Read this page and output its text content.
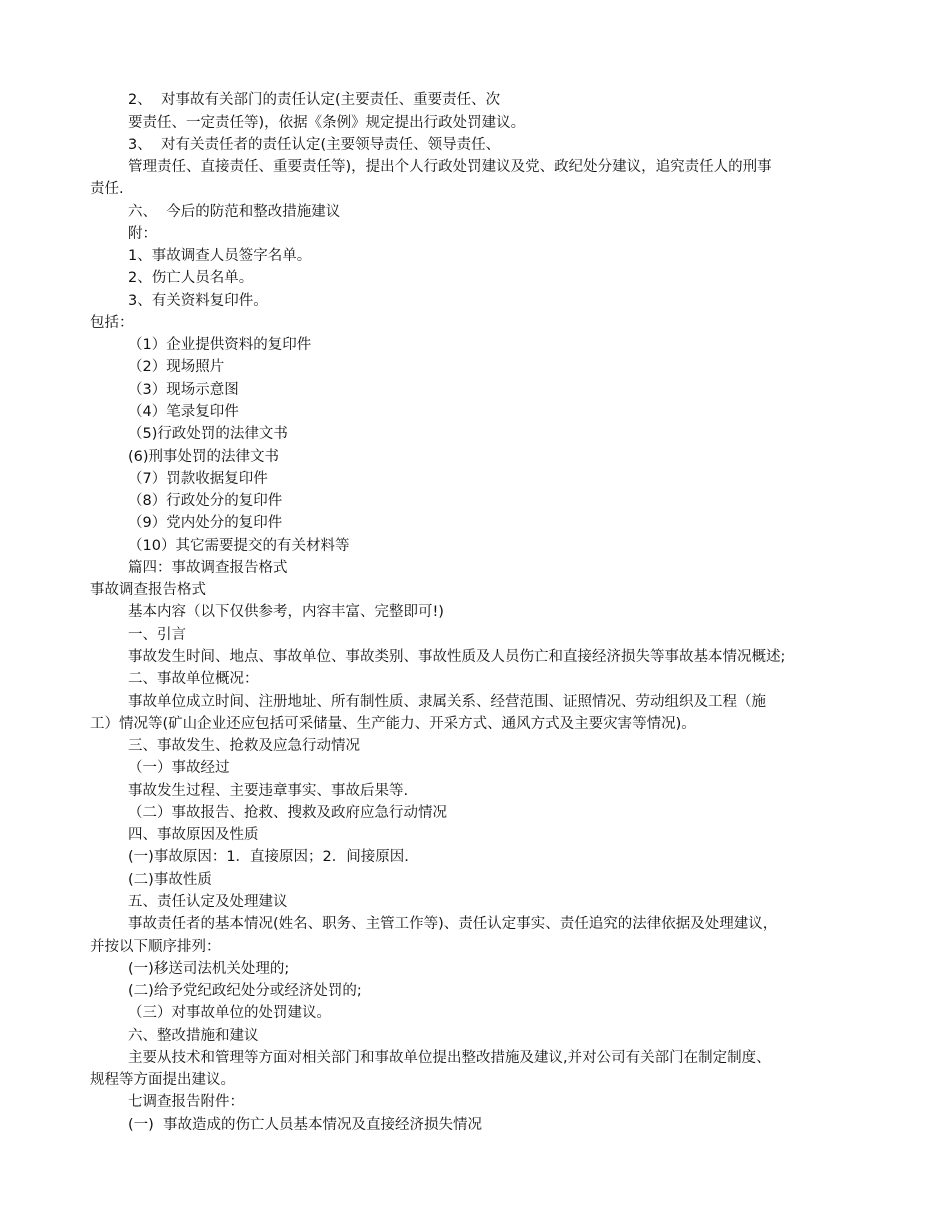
2、  对事故有关部门的责任认定(主要责任、重要责任、次
要责任、一定责任等)，依据《条例》规定提出行政处罚建议。
3、  对有关责任者的责任认定(主要领导责任、领导责任、
管理责任、直接责任、重要责任等)，提出个人行政处罚建议及党、政纪处分建议，追究责任人的刑事
责任.
六、  今后的防范和整改措施建议
附：
1、事故调查人员签字名单。
2、伤亡人员名单。
3、有关资料复印件。
包括：
（1）企业提供资料的复印件
（2）现场照片
（3）现场示意图
（4）笔录复印件
（5)行政处罚的法律文书
(6)刑事处罚的法律文书
（7）罚款收据复印件
（8）行政处分的复印件
（9）党内处分的复印件
（10）其它需要提交的有关材料等
篇四：事故调查报告格式
事故调查报告格式
基本内容（以下仅供参考，内容丰富、完整即可!)
一、引言
事故发生时间、地点、事故单位、事故类别、事故性质及人员伤亡和直接经济损失等事故基本情况概述;
二、事故单位概况：
事故单位成立时间、注册地址、所有制性质、隶属关系、经营范围、证照情况、劳动组织及工程（施
工）情况等(矿山企业还应包括可采储量、生产能力、开采方式、通风方式及主要灾害等情况)。
三、事故发生、抢救及应急行动情况
（一）事故经过
事故发生过程、主要违章事实、事故后果等.
（二）事故报告、抢救、搜救及政府应急行动情况
四、事故原因及性质
(一)事故原因：1．直接原因；2．间接原因.
(二)事故性质
五、责任认定及处理建议
事故责任者的基本情况(姓名、职务、主管工作等)、责任认定事实、责任追究的法律依据及处理建议，
并按以下顺序排列：
(一)移送司法机关处理的;
(二)给予党纪政纪处分或经济处罚的;
（三）对事故单位的处罚建议。
六、整改措施和建议
主要从技术和管理等方面对相关部门和事故单位提出整改措施及建议,并对公司有关部门在制定制度、
规程等方面提出建议。
七调查报告附件：
(一)  事故造成的伤亡人员基本情况及直接经济损失情况
